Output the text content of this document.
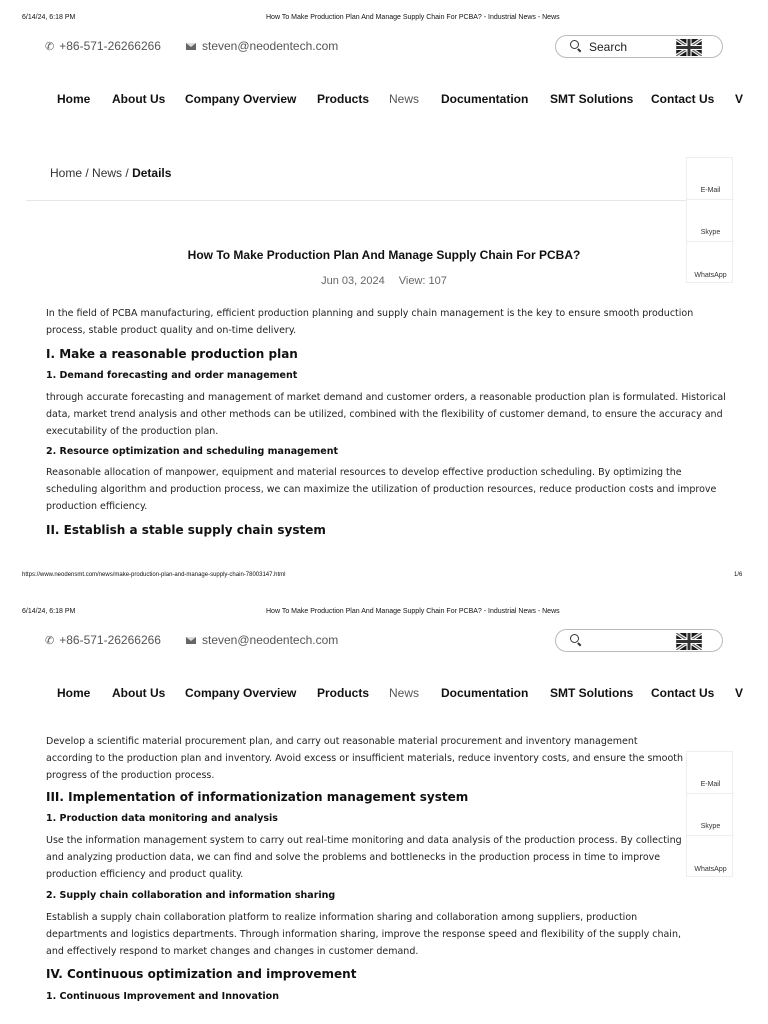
6/14/24, 6:18 PM	How To Make Production Plan And Manage Supply Chain For PCBA? - Industrial News - News
✆ +86-571-26266266	steven@neodentech.com	Search
Home About Us Company Overview Products News Documentation SMT Solutions Contact Us V
Home / News / Details
E-Mail
Skype
WhatsApp
How To Make Production Plan And Manage Supply Chain For PCBA?
Jun 03, 2024 View: 107

In the field of PCBA manufacturing, efficient production planning and supply chain management is the key to ensure smooth production process, stable product quality and on-time delivery.

I. Make a reasonable production plan
1. Demand forecasting and order management

through accurate forecasting and management of market demand and customer orders, a reasonable production plan is formulated. Historical data, market trend analysis and other methods can be utilized, combined with the flexibility of customer demand, to ensure the accuracy and executability of the production plan.

2. Resource optimization and scheduling management

Reasonable allocation of manpower, equipment and material resources to develop effective production scheduling. By optimizing the scheduling algorithm and production process, we can maximize the utilization of production resources, reduce production costs and improve production efficiency.

II. Establish a stable supply chain system
https://www.neodensmt.com/news/make-production-plan-and-manage-supply-chain-78003147.html	1/6
6/14/24, 6:18 PM	How To Make Production Plan And Manage Supply Chain For PCBA? - Industrial News - News
✆ +86-571-26266266	steven@neodentech.com
Home About Us Company Overview Products News Documentation SMT Solutions Contact Us V

Develop a scientific material procurement plan, and carry out reasonable material procurement and inventory management according to the production plan and inventory. Avoid excess or insufficient materials, reduce inventory costs, and ensure the smooth progress of the production process.

III. Implementation of informationization management system
1. Production data monitoring and analysis

Use the information management system to carry out real-time monitoring and data analysis of the production process. By collecting and analyzing production data, we can find and solve the problems and bottlenecks in the production process in time to improve production efficiency and product quality.

2. Supply chain collaboration and information sharing

Establish a supply chain collaboration platform to realize information sharing and collaboration among suppliers, production departments and logistics departments. Through information sharing, improve the response speed and flexibility of the supply chain, and effectively respond to market changes and changes in customer demand.

IV. Continuous optimization and improvement
1. Continuous Improvement and Innovation
E-Mail
Skype
WhatsApp
